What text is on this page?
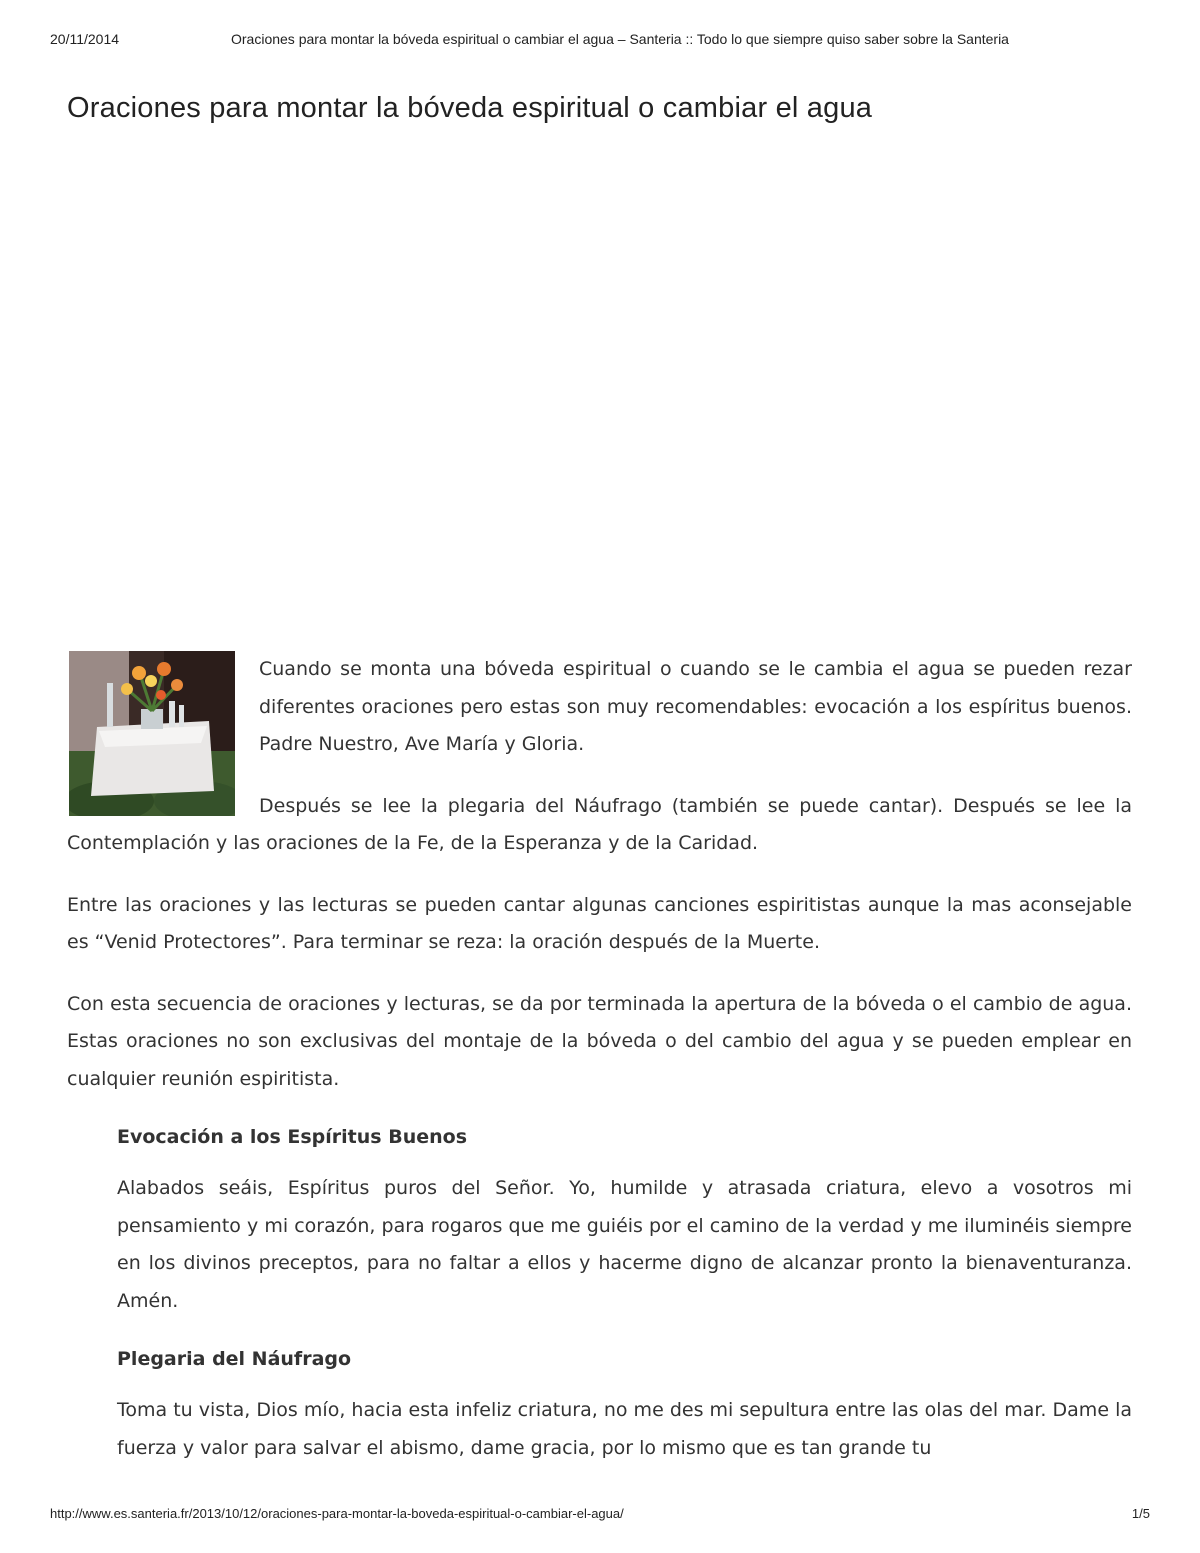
20/11/2014	Oraciones para montar la bóveda espiritual o cambiar el agua – Santeria :: Todo lo que siempre quiso saber sobre la Santeria
Oraciones para montar la bóveda espiritual o cambiar el agua

Cuando se monta una bóveda espiritual o cuando se le cambia el agua se pueden rezar diferentes oraciones pero estas son muy recomendables: evocación a los espíritus buenos. Padre Nuestro, Ave María y Gloria.

Después se lee la plegaria del Náufrago (también se puede cantar). Después se lee la Contemplación y las oraciones de la Fe, de la Esperanza y de la Caridad.

Entre las oraciones y las lecturas se pueden cantar algunas canciones espiritistas aunque la mas aconsejable es “Venid Protectores”. Para terminar se reza: la oración después de la Muerte.

Con esta secuencia de oraciones y lecturas, se da por terminada la apertura de la bóveda o el cambio de agua. Estas oraciones no son exclusivas del montaje de la bóveda o del cambio del agua y se pueden emplear en cualquier reunión espiritista.

Evocación a los Espíritus Buenos

Alabados seáis, Espíritus puros del Señor. Yo, humilde y atrasada criatura, elevo a vosotros mi pensamiento y mi corazón, para rogaros que me guiéis por el camino de la verdad y me iluminéis siempre en los divinos preceptos, para no faltar a ellos y hacerme digno de alcanzar pronto la bienaventuranza. Amén.

Plegaria del Náufrago

Toma tu vista, Dios mío, hacia esta infeliz criatura, no me des mi sepultura entre las olas del mar. Dame la fuerza y valor para salvar el abismo, dame gracia, por lo mismo que es tan grande tu

http://www.es.santeria.fr/2013/10/12/oraciones-para-montar-la-boveda-espiritual-o-cambiar-el-agua/	1/5
